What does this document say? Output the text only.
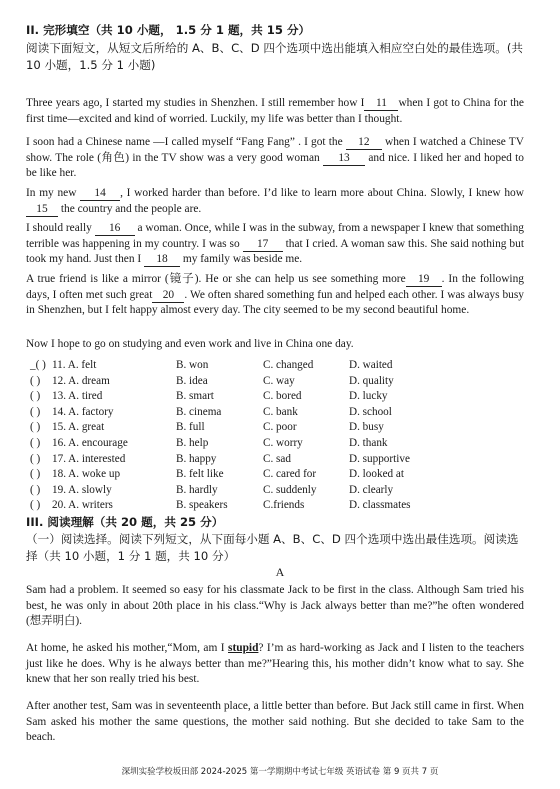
II. 完形填空（共 10 小题， 1.5 分 1 题，共 15 分）
阅读下面短文，从短文后所给的 A、B、C、D 四个选项中选出能填入相应空白处的最佳选项。(共 10 小题，1.5 分 1 小题)
Three years ago, I started my studies in Shenzhen. I still remember how I 11 when I got to China for the first time—excited and kind of worried. Luckily, my life was better than I thought.
I soon had a Chinese name —I called myself “Fang Fang” . I got the 12 when I watched a Chinese TV show. The role (角色) in the TV show was a very good woman 13 and nice. I liked her and hoped to be like her.
In my new 14 , I worked harder than before. I’d like to learn more about China. Slowly, I knew how 15 the country and the people are.
I should really 16 a woman. Once, while I was in the subway, from a newspaper I knew that something terrible was happening in my country. I was so 17 that I cried. A woman saw this. She said nothing but took my hand. Just then I 18 my family was beside me.
A true friend is like a mirror (镜子). He or she can help us see something more 19 . In the following days, I often met such great 20 . We often shared something fun and helped each other. I was always busy in Shenzhen, but I felt happy almost every day. The city seemed to be my second beautiful home.
Now I hope to go on studying and even work and live in China one day.
_( ) 11. A. felt	B. won	C. changed	D. waited
( ) 12. A. dream	B. idea	C. way	D. quality
( ) 13. A. tired	B. smart	C. bored	D. lucky
( ) 14. A. factory	B. cinema	C. bank	D. school
( ) 15. A. great	B. full	C. poor	D. busy
( ) 16. A. encourage	B. help	C. worry	D. thank
( ) 17. A. interested	B. happy	C. sad	D. supportive
( ) 18. A. woke up	B. felt like	C. cared for	D. looked at
( ) 19. A. slowly	B. hardly	C. suddenly	D. clearly
( ) 20. A. writers	B. speakers	C.friends	D. classmates
III. 阅读理解（共 20 题，共 25 分）
（一）阅读选择。阅读下列短文，从下面每小题 A、B、C、D 四个选项中选出最佳选项。阅读选择（共 10 小题，1 分 1 题，共 10 分）
A
Sam had a problem. It seemed so easy for his classmate Jack to be first in the class. Although Sam tried his best, he was only in about 20th place in his class.“Why is Jack always better than me?”he often wondered (想弄明白).
At home, he asked his mother,“Mom, am I stupid? I’m as hard-working as Jack and I listen to the teachers just like he does. Why is he always better than me?”Hearing this, his mother didn’t know what to say. She knew that her son really tried his best.
After another test, Sam was in seventeenth place, a little better than before. But Jack still came in first. When Sam asked his mother the same questions, the mother said nothing. But she decided to take Sam to the beach.
深圳实验学校坂田部 2024-2025 第一学期期中考试七年级 英语试卷 第 9 页共 7 页
